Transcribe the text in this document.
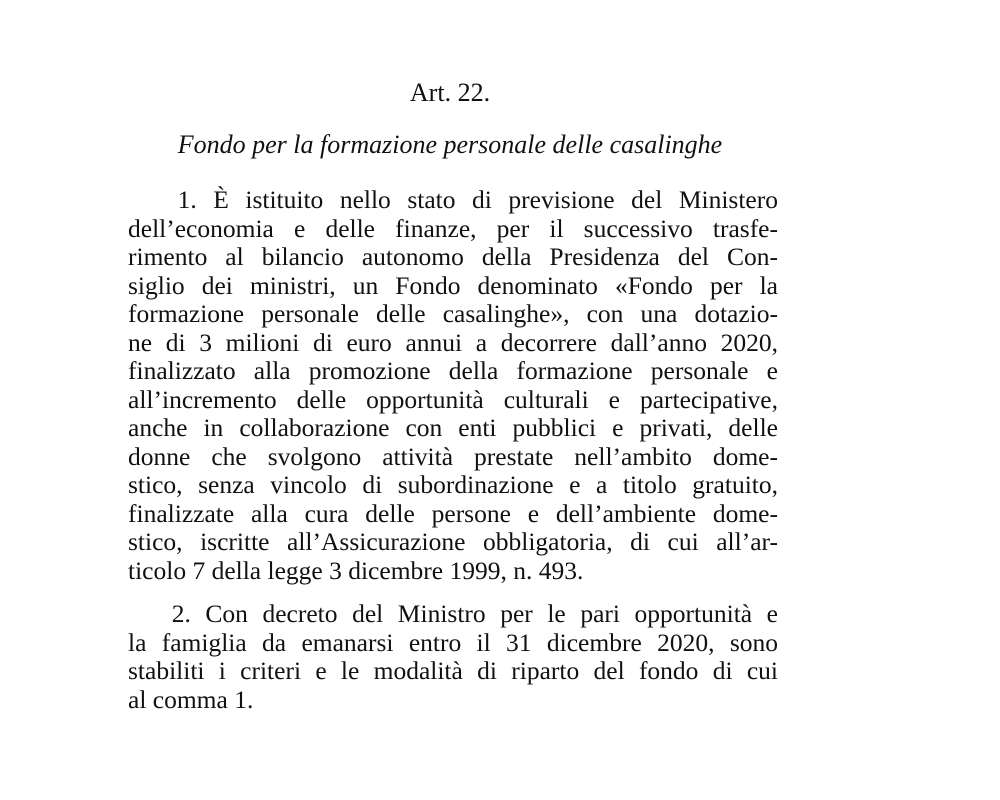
Art. 22.
Fondo per la formazione personale delle casalinghe
1. È istituito nello stato di previsione del Ministero
dell’economia e delle finanze, per il successivo trasfe-
rimento al bilancio autonomo della Presidenza del Con-
siglio dei ministri, un Fondo denominato «Fondo per la
formazione personale delle casalinghe», con una dotazio-
ne di 3 milioni di euro annui a decorrere dall’anno 2020,
finalizzato alla promozione della formazione personale e
all’incremento delle opportunità culturali e partecipative,
anche in collaborazione con enti pubblici e privati, delle
donne che svolgono attività prestate nell’ambito dome-
stico, senza vincolo di subordinazione e a titolo gratuito,
finalizzate alla cura delle persone e dell’ambiente dome-
stico, iscritte all’Assicurazione obbligatoria, di cui all’ar-
ticolo 7 della legge 3 dicembre 1999, n. 493.
2. Con decreto del Ministro per le pari opportunità e
la famiglia da emanarsi entro il 31 dicembre 2020, sono
stabiliti i criteri e le modalità di riparto del fondo di cui
al comma 1.
